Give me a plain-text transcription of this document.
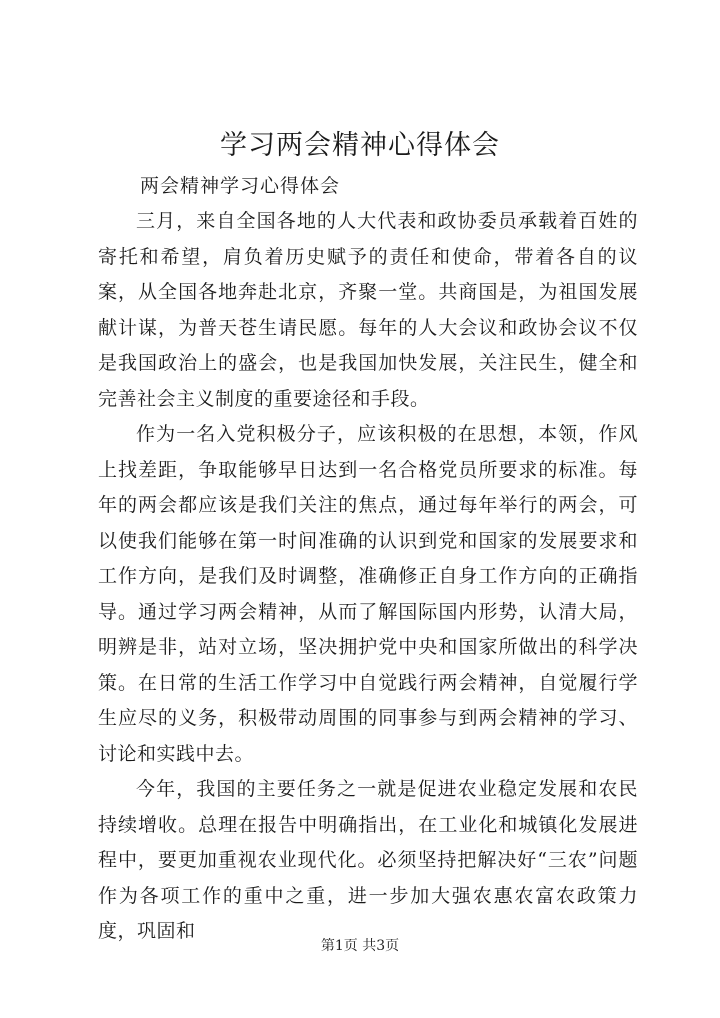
学习两会精神心得体会
两会精神学习心得体会

三月，来自全国各地的人大代表和政协委员承载着百姓的寄托和希望，肩负着历史赋予的责任和使命，带着各自的议案，从全国各地奔赴北京，齐聚一堂。共商国是，为祖国发展献计谋，为普天苍生请民愿。每年的人大会议和政协会议不仅是我国政治上的盛会，也是我国加快发展，关注民生，健全和完善社会主义制度的重要途径和手段。

作为一名入党积极分子，应该积极的在思想，本领，作风上找差距，争取能够早日达到一名合格党员所要求的标准。每年的两会都应该是我们关注的焦点，通过每年举行的两会，可以使我们能够在第一时间准确的认识到党和国家的发展要求和工作方向，是我们及时调整，准确修正自身工作方向的正确指导。通过学习两会精神，从而了解国际国内形势，认清大局，明辨是非，站对立场，坚决拥护党中央和国家所做出的科学决策。在日常的生活工作学习中自觉践行两会精神，自觉履行学生应尽的义务，积极带动周围的同事参与到两会精神的学习、讨论和实践中去。

今年，我国的主要任务之一就是促进农业稳定发展和农民持续增收。总理在报告中明确指出，在工业化和城镇化发展进程中，要更加重视农业现代化。必须坚持把解决好“三农”问题作为各项工作的重中之重，进一步加大强农惠农富农政策力度，巩固和

第1页 共3页
